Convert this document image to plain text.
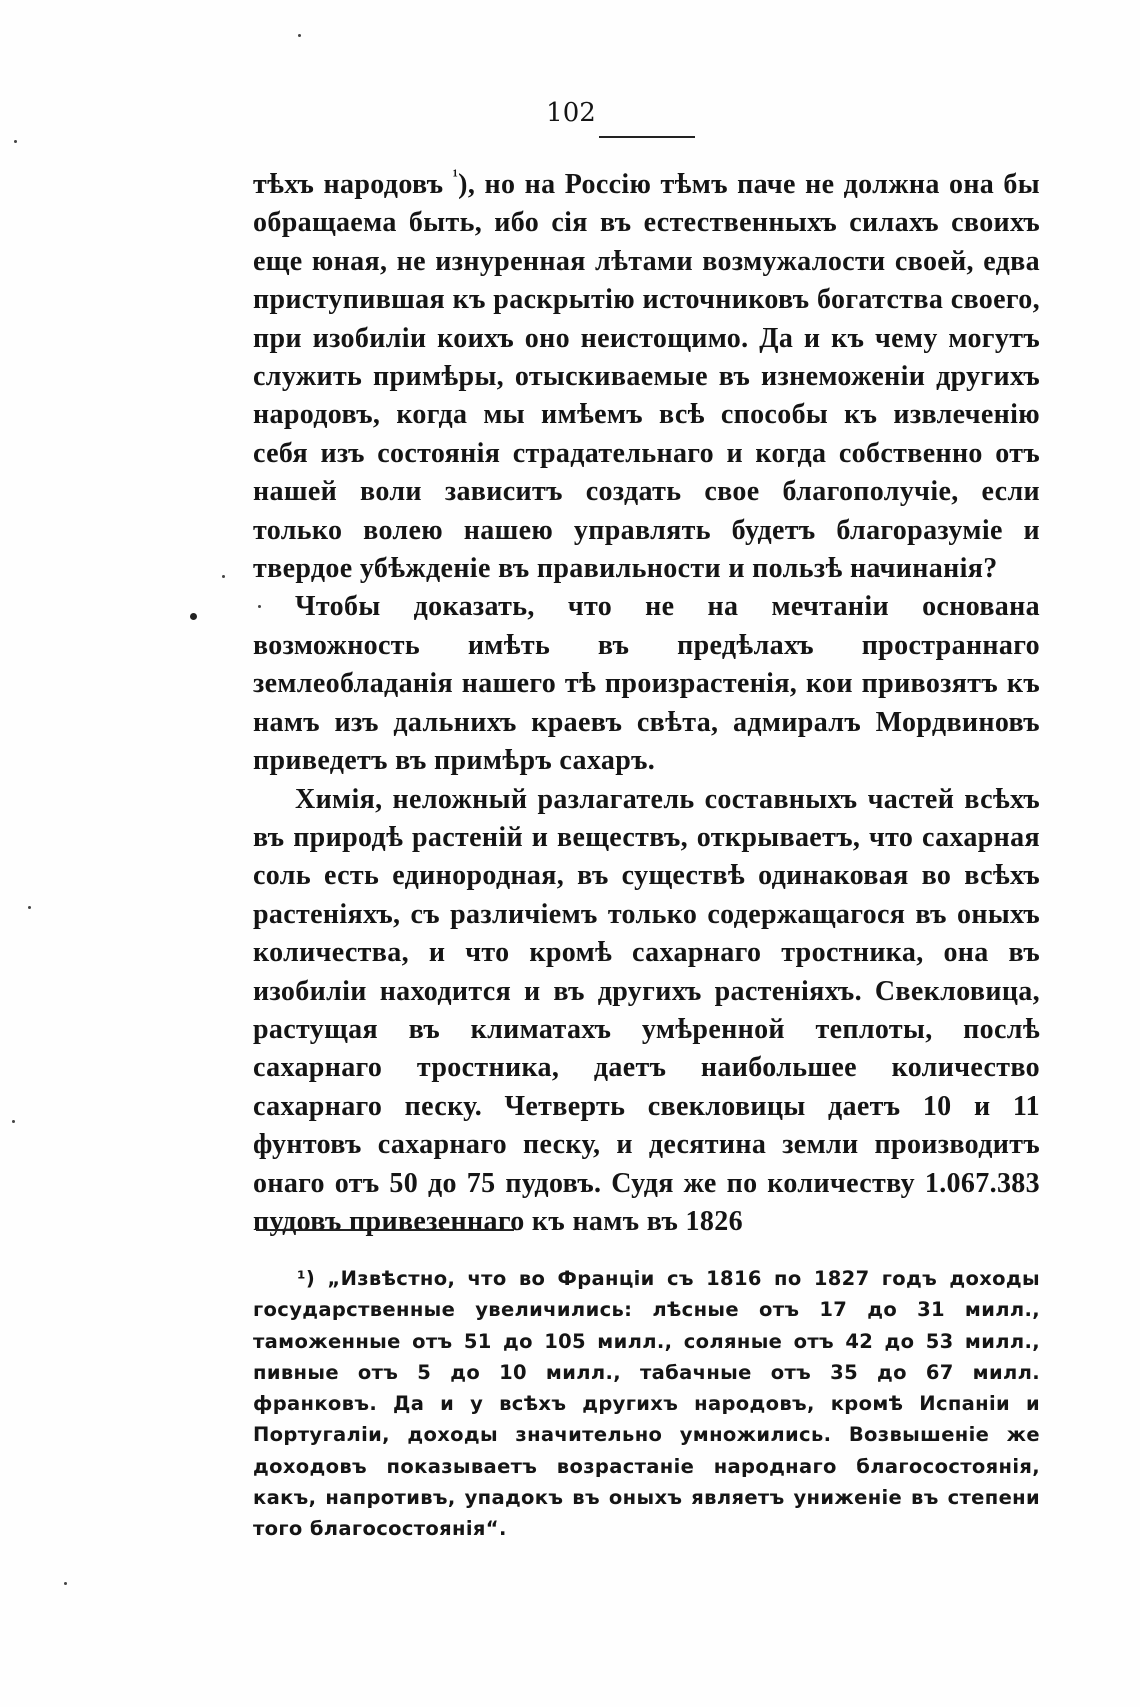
102

тѣхъ народовъ $^{^1}$), но на Россію тѣмъ паче не должна она бы обращаема быть, ибо сія въ естественныхъ силахъ своихъ еще юная, не изнуренная лѣтами возмужалости своей, едва приступившая къ раскрытію источниковъ богатства своего, при изобиліи коихъ оно неистощимо. Да и къ чему могутъ служить примѣры, отыскиваемые въ изнеможеніи другихъ народовъ, когда мы имѣемъ всѣ способы къ извлеченію себя изъ состоянія страдательнаго и когда собственно отъ нашей воли зависитъ создать свое благополучіе, если только волею нашею управлять будетъ благоразуміе и твердое убѣжденіе въ правильности и пользѣ начинанія?

Чтобы доказать, что не на мечтаніи основана возможность имѣть въ предѣлахъ пространнаго землеобладанія нашего тѣ произрастенія, кои привозятъ къ намъ изъ дальнихъ краевъ свѣта, адмиралъ Мордвиновъ приведетъ въ примѣръ сахаръ.

Химія, неложный разлагатель составныхъ частей всѣхъ въ природѣ растеній и веществъ, открываетъ, что сахарная соль есть единородная, въ существѣ одинаковая во всѣхъ растеніяхъ, съ различіемъ только содержащагося въ оныхъ количества, и что кромѣ сахарнаго тростника, она въ изобиліи находится и въ другихъ растеніяхъ. Свекловица, растущая въ климатахъ умѣренной теплоты, послѣ сахарнаго тростника, даетъ наибольшее количество сахарнаго песку. Четверть свекловицы даетъ 10 и 11 фунтовъ сахарнаго песку, и десятина земли производитъ онаго отъ 50 до 75 пудовъ. Судя же по количеству 1.067.383 пудовъ привезеннаго къ намъ въ 1826

¹) „Извѣстно, что во Франціи съ 1816 по 1827 годъ доходы государственные увеличились: лѣсные отъ 17 до 31 милл., таможенные отъ 51 до 105 милл., соляные отъ 42 до 53 милл., пивные отъ 5 до 10 милл., табачные отъ 35 до 67 милл. франковъ. Да и у всѣхъ другихъ народовъ, кромѣ Испаніи и Португаліи, доходы значительно умножились. Возвышеніе же доходовъ показываетъ возрастаніе народнаго благосостоянія, какъ, напротивъ, упадокъ въ оныхъ являетъ униженіе въ степени того благосостоянія“.
